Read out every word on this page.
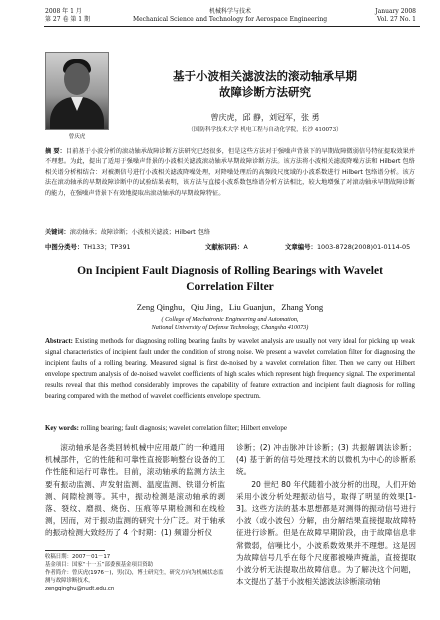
2008 年 1 月
第 27 卷 第 1 期
机械科学与技术
Mechanical Science and Technology for Aerospace Engineering
January 2008
Vol. 27 No. 1
曾庆虎
基于小波相关滤波法的滚动轴承早期
故障诊断方法研究
曾庆虎，邱 静，刘冠军，张 勇
（国防科学技术大学 机电工程与自动化学院，长沙 410073）
摘 要：目前基于小波分析的滚动轴承故障诊断方法研究已经很多，但是这些方法对于强噪声背景下的早期故障微弱信号特征提取效果并不理想。为此，提出了适用于强噪声背景的小波相关滤波滚动轴承早期故障诊断方法。该方法将小波相关滤波降噪方法和 Hilbert 包络相关谱分析相结合：对被测信号进行小波相关滤波降噪处理，对降噪处理后的高频段尺度域的小波系数进行 Hilbert 包络谱分析。该方法在滚动轴承的早期故障诊断中的试验结果表明，该方法与直接小波系数包络谱分析方法相比，较大地增强了对滚动轴承早期故障诊断的能力，在强噪声背景下有效地提取出滚动轴承的早期故障特征。
关键词：滚动轴承；故障诊断；小波相关滤波；Hilbert 包络
中图分类号：TH133；TP391	文献标识码：A	文章编号：1003-8728(2008)01-0114-05
On Incipient Fault Diagnosis of Rolling Bearings with Wavelet
Correlation Filter
Zeng Qinghu，Qiu Jing，Liu Guanjun，Zhang Yong
( College of Mechatronic Engineering and Automation,
National University of Defense Technology, Changsha 410073)
Abstract: Existing methods for diagnosing rolling bearing faults by wavelet analysis are usually not very ideal for picking up weak signal characteristics of incipient fault under the condition of strong noise. We present a wavelet correlation filter for diagnosing the incipient faults of a rolling bearing. Measured signal is first de-noised by a wavelet correlation filter. Then we carry out Hilbert envelope spectrum analysis of de-noised wavelet coefficients of high scales which represent high frequency signal. The experimental results reveal that this method considerably improves the capability of feature extraction and incipient fault diagnosis for rolling bearing compared with the method of wavelet coefficients envelope spectrum.
Key words: rolling bearing; fault diagnosis; wavelet correlation filter; Hilbert envelope
滚动轴承是各类回转机械中应用最广的一种通用机械部件，它的性能和可靠性直接影响整台设备的工作性能和运行可靠性。目前，滚动轴承的监测方法主要有振动监测、声发射监测、温度监测、铁谱分析监测、间隙检测等。其中，振动检测是滚动轴承的剥落、裂纹、磨损、烧伤、压痕等早期检测和在线检测，因而，对于振动监测的研究十分广泛。对于轴承的振动检测大致经历了 4 个时期：(1) 频谱分析仪
诊断；(2) 冲击脉冲计诊断；(3) 共振解调法诊断；(4) 基于新的信号处理技术的以微机为中心的诊断系统。
20 世纪 80 年代随着小波分析的出现，人们开始采用小波分析处理振动信号，取得了明显的效果[1-3]。这些方法的基本思想都是对测得的振动信号进行小波（或小波包）分解，由分解结果直接提取故障特征进行诊断。但是在故障早期阶段，由于故障信息非常微弱，信噪比小，小波系数效果并不理想。这是因为故障信号几乎在每个尺度都被噪声掩盖，直接提取小波分析无法提取出故障信息。为了解决这个问题，本文提出了基于小波相关滤波法诊断滚动轴
收稿日期：2007－01－17
基金项目：国家“十一五”部委预基金项目资助
作者简介：曾庆虎(1976－)，男(汉)，博士研究生，研究方向为机械状态监测与故障诊断技术，
zengqinghu@nudt.edu.cn
